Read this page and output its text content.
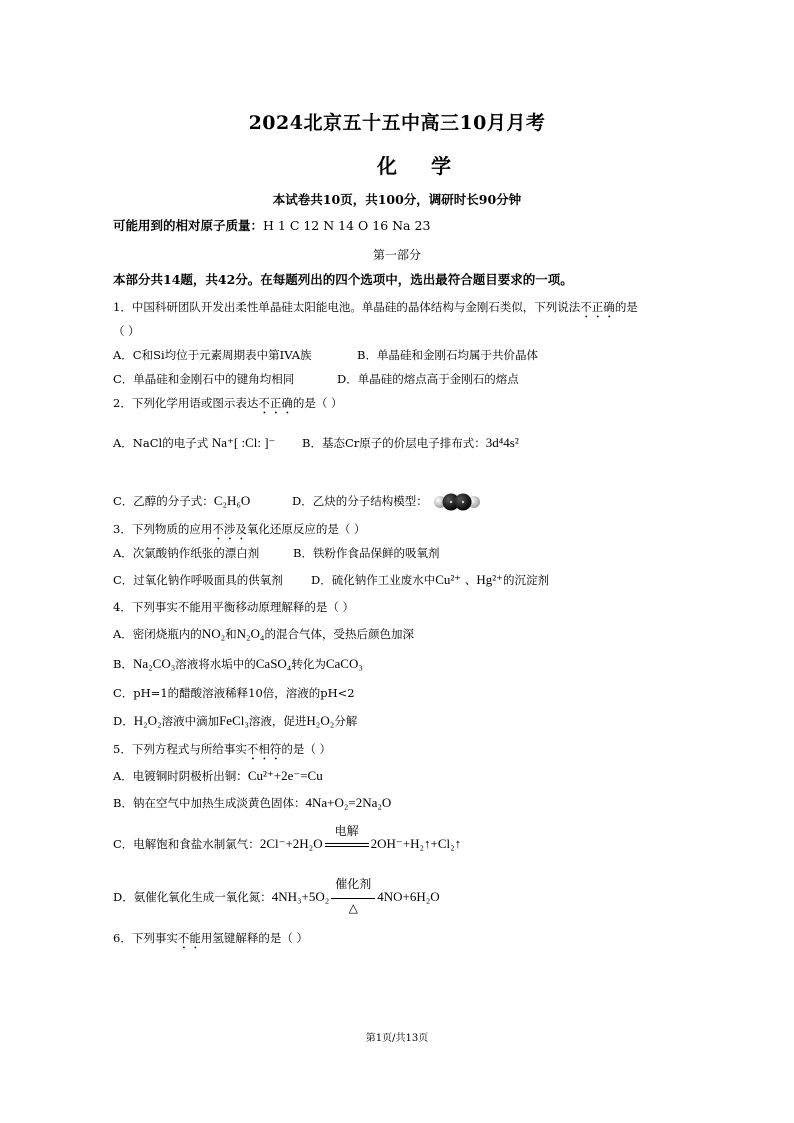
2024北京五十五中高三10月月考
化学
本试卷共10页，共100分，调研时长90分钟
可能用到的相对原子质量：H 1 C 12 N 14 O 16 Na 23
第一部分
本部分共14题，共42分。在每题列出的四个选项中，选出最符合题目要求的一项。
1．中国科研团队开发出柔性单晶硅太阳能电池。单晶硅的晶体结构与金刚石类似，下列说法不正确的是
（ ）
A．C和Si均位于元素周期表中第IVA族	B．单晶硅和金刚石均属于共价晶体
C．单晶硅和金刚石中的键角均相同	D．单晶硅的熔点高于金刚石的熔点
2．下列化学用语或图示表达不正确的是（ ）
A．NaCl的电子式 Na⁺[ :Cl: ]⁻ B．基态Cr原子的价层电子排布式：3d⁴4s²
C．乙醇的分子式：C₂H₆O	D．乙炔的分子结构模型：
3．下列物质的应用不涉及氧化还原反应的是（ ）
A．次氯酸钠作纸张的漂白剂	B．铁粉作食品保鲜的吸氧剂
C．过氧化钠作呼吸面具的供氧剂 D．硫化钠作工业废水中Cu²⁺ 、Hg²⁺的沉淀剂
4．下列事实不能用平衡移动原理解释的是（ ）
A．密闭烧瓶内的NO₂和N₂O₄的混合气体，受热后颜色加深
B．Na₂CO₃溶液将水垢中的CaSO₄转化为CaCO₃
C．pH=1的醋酸溶液稀释10倍，溶液的pH<2
D．H₂O₂溶液中滴加FeCl₃溶液，促进H₂O₂分解
5．下列方程式与所给事实不相符的是（ ）
A．电镀铜时阴极析出铜：Cu²⁺+2e⁻=Cu
B．钠在空气中加热生成淡黄色固体：4Na+O₂=2Na₂O
C．电解饱和食盐水制氯气：2Cl⁻+2H₂O
电解
2OH⁻+H₂↑+Cl₂↑
D．氨催化氧化生成一氧化氮：4NH₃+5O₂
催化剂
△
4NO+6H₂O
6．下列事实不能用氢键解释的是（ ）
第1页/共13页
